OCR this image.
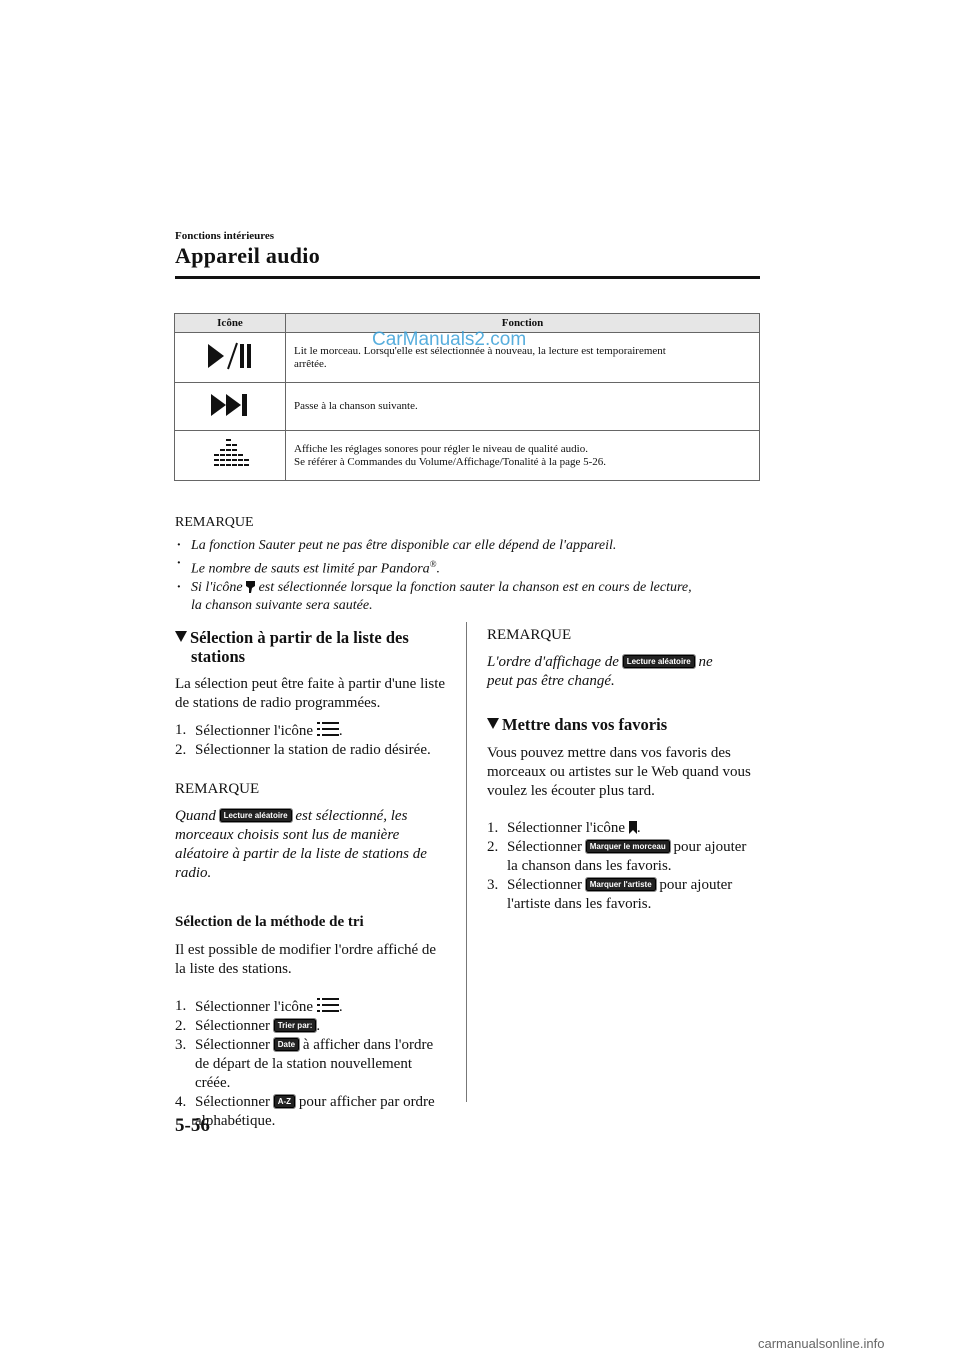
Fonctions intérieures
Appareil audio
Icône	Fonction

Lit le morceau. Lorsqu'elle est sélectionnée à nouveau, la lecture est temporairement
arrêtée.

Passe à la chanson suivante.

Affiche les réglages sonores pour régler le niveau de qualité audio.
Se référer à Commandes du Volume/Affichage/Tonalité à la page 5-26.
CarManuals2.com
REMARQUE
· La fonction Sauter peut ne pas être disponible car elle dépend de l'appareil.
· Le nombre de sauts est limité par Pandora®.
· Si l'icône est sélectionnée lorsque la fonction sauter la chanson est en cours de lecture,
la chanson suivante sera sautée.
Sélection à partir de la liste des
stations
La sélection peut être faite à partir d'une liste de stations de radio programmées.
1. Sélectionner l'icône .
2. Sélectionner la station de radio désirée.
REMARQUE
Quand Lecture aléatoire est sélectionné, les morceaux choisis sont lus de manière aléatoire à partir de la liste de stations de radio.
Sélection de la méthode de tri
Il est possible de modifier l'ordre affiché de la liste des stations.
1. Sélectionner l'icône .
2. Sélectionner Trier par: .
3. Sélectionner Date à afficher dans l'ordre de départ de la station nouvellement créée.
4. Sélectionner A-Z pour afficher par ordre alphabétique.
REMARQUE
L'ordre d'affichage de Lecture aléatoire ne
peut pas être changé.
Mettre dans vos favoris
Vous pouvez mettre dans vos favoris des morceaux ou artistes sur le Web quand vous voulez les écouter plus tard.
1. Sélectionner l'icône .
2. Sélectionner Marquer le morceau pour ajouter la chanson dans les favoris.
3. Sélectionner Marquer l'artiste pour ajouter l'artiste dans les favoris.
5-56
carmanualsonline.info
